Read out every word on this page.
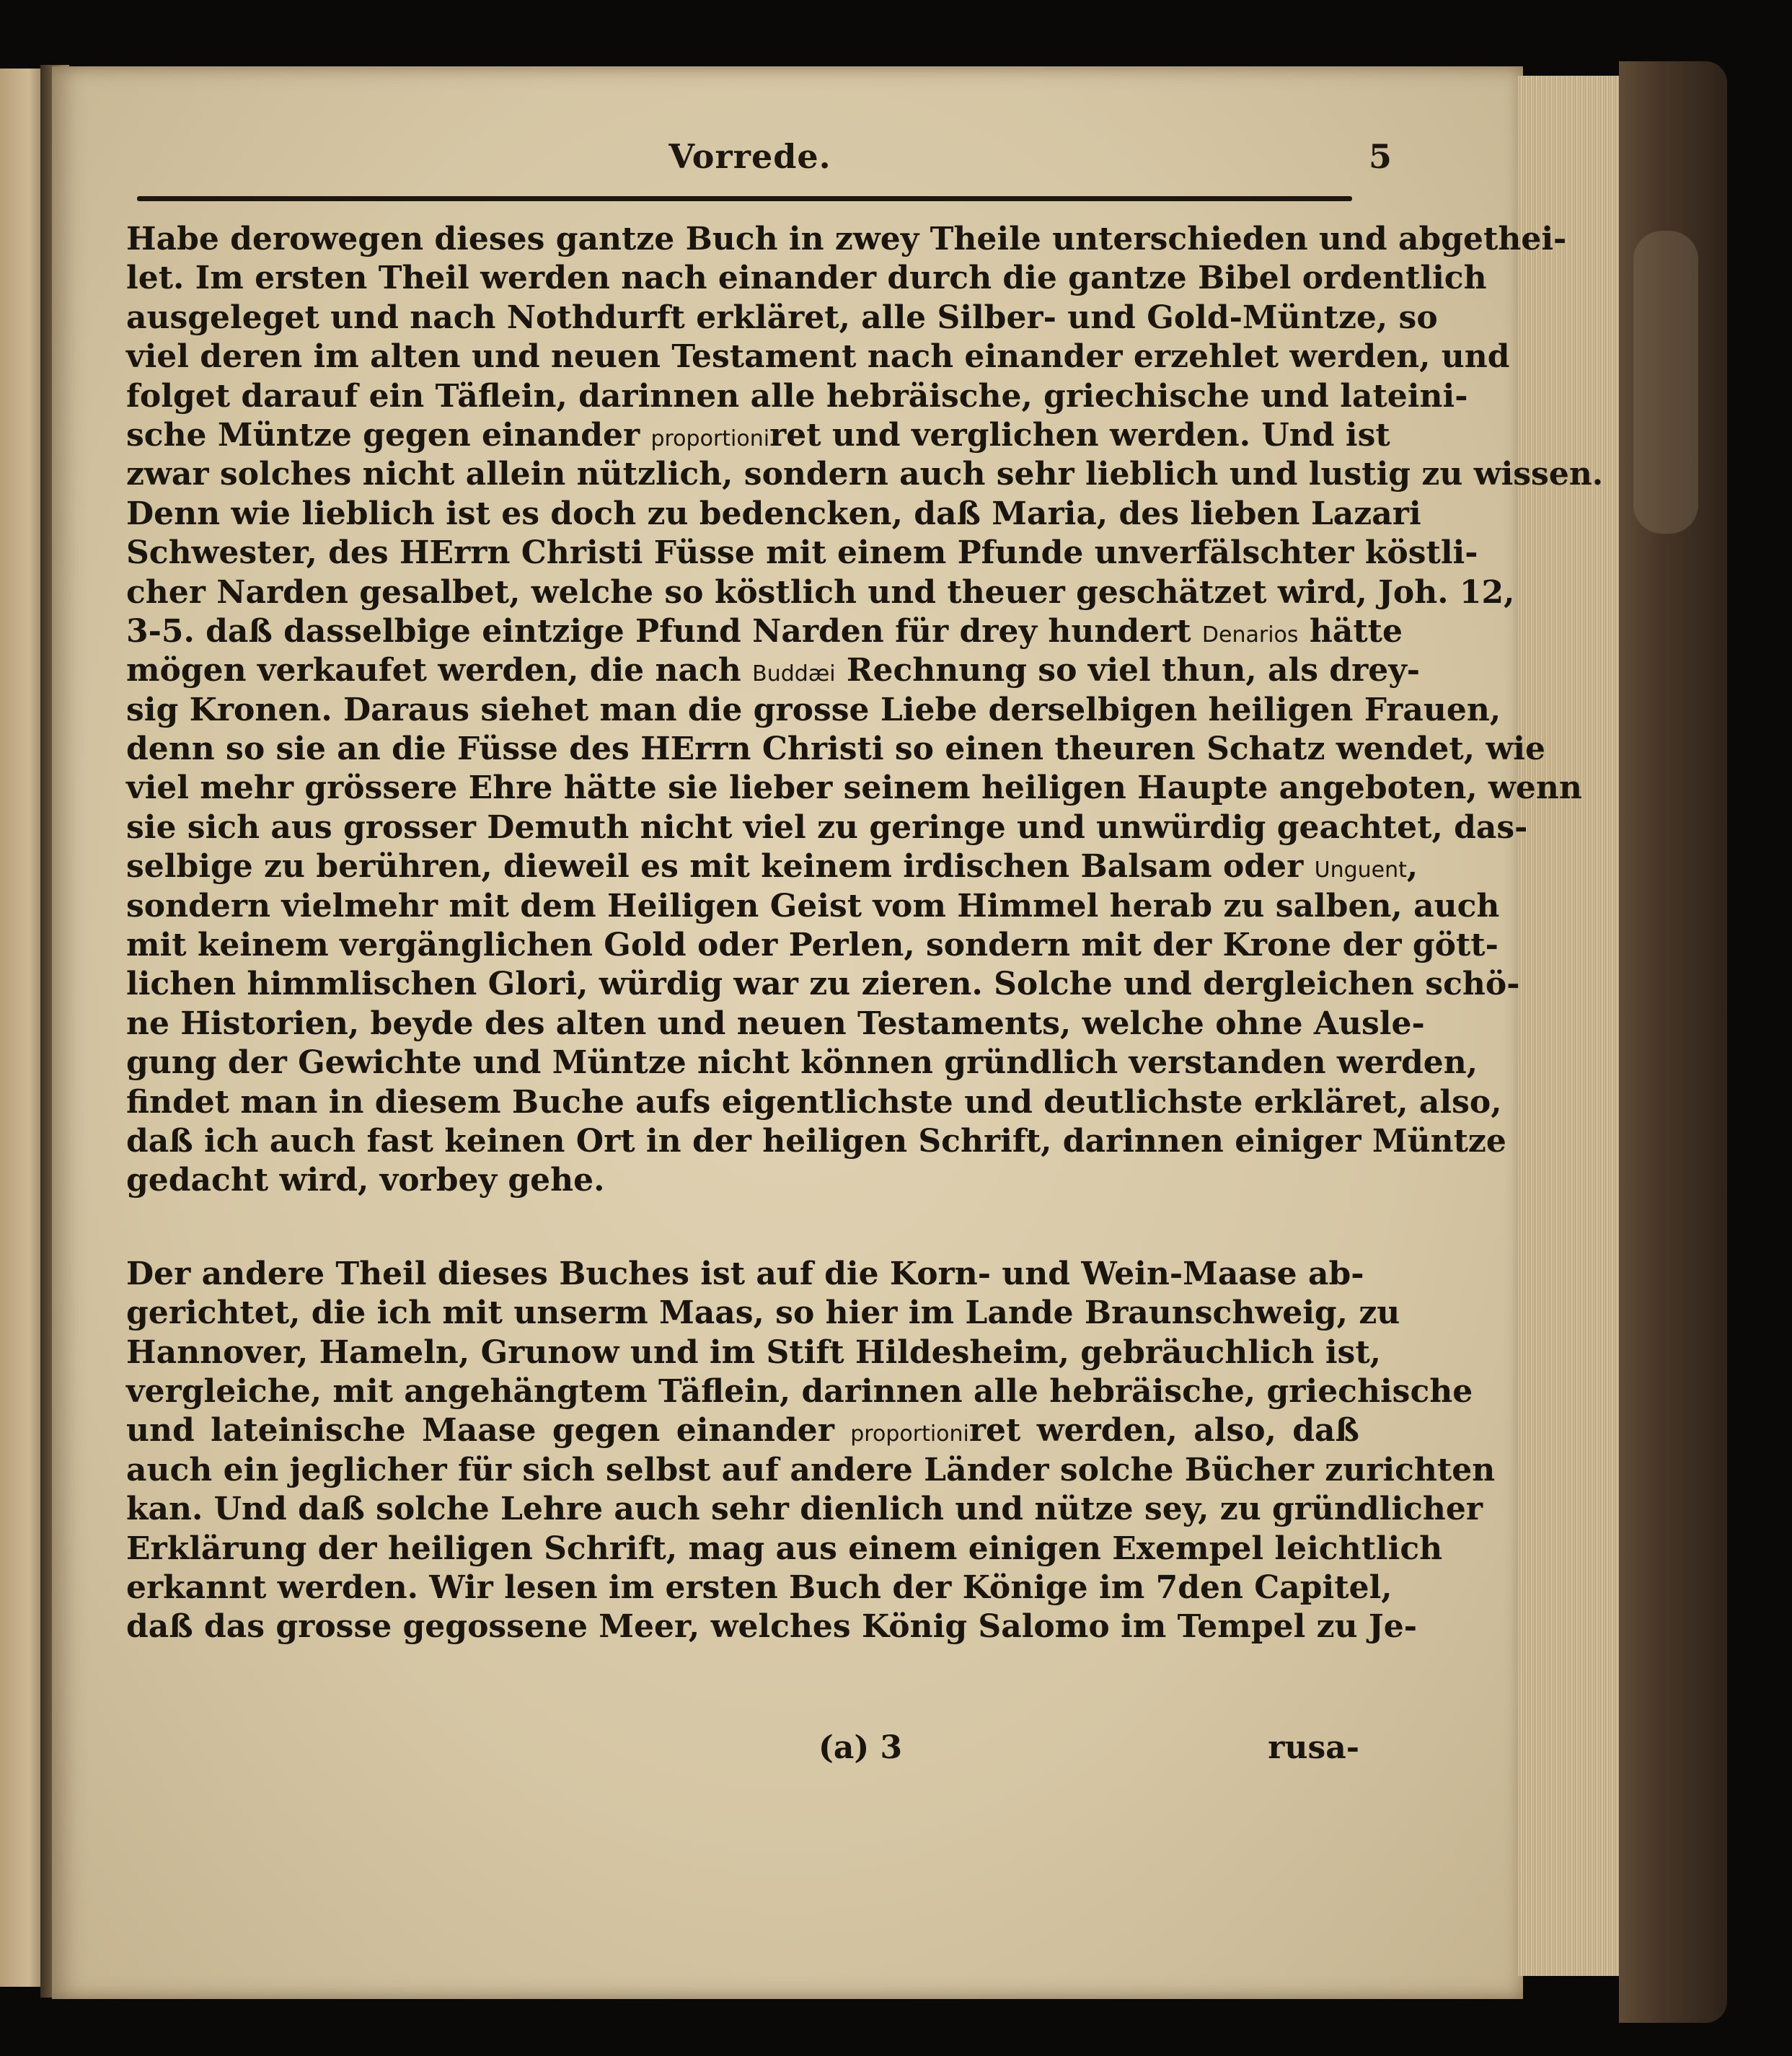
Vorrede.	5
Habe derowegen dieses gantze Buch in zwey Theile unterschieden und abgethei-
let. Im ersten Theil werden nach einander durch die gantze Bibel ordentlich
ausgeleget und nach Nothdurft erkläret, alle Silber- und Gold-Müntze, so
viel deren im alten und neuen Testament nach einander erzehlet werden, und
folget darauf ein Täflein, darinnen alle hebräische, griechische und lateini-
sche Müntze gegen einander proportioniret und verglichen werden. Und ist
zwar solches nicht allein nützlich, sondern auch sehr lieblich und lustig zu wissen.
Denn wie lieblich ist es doch zu bedencken, daß Maria, des lieben Lazari
Schwester, des HErrn Christi Füsse mit einem Pfunde unverfälschter köstli-
cher Narden gesalbet, welche so köstlich und theuer geschätzet wird, Joh. 12,
3-5. daß dasselbige eintzige Pfund Narden für drey hundert Denarios hätte
mögen verkaufet werden, die nach Buddæi Rechnung so viel thun, als drey-
sig Kronen. Daraus siehet man die grosse Liebe derselbigen heiligen Frauen,
denn so sie an die Füsse des HErrn Christi so einen theuren Schatz wendet, wie
viel mehr grössere Ehre hätte sie lieber seinem heiligen Haupte angeboten, wenn
sie sich aus grosser Demuth nicht viel zu geringe und unwürdig geachtet, das-
selbige zu berühren, dieweil es mit keinem irdischen Balsam oder Unguent,
sondern vielmehr mit dem Heiligen Geist vom Himmel herab zu salben, auch
mit keinem vergänglichen Gold oder Perlen, sondern mit der Krone der gött-
lichen himmlischen Glori, würdig war zu zieren. Solche und dergleichen schö-
ne Historien, beyde des alten und neuen Testaments, welche ohne Ausle-
gung der Gewichte und Müntze nicht können gründlich verstanden werden,
findet man in diesem Buche aufs eigentlichste und deutlichste erkläret, also,
daß ich auch fast keinen Ort in der heiligen Schrift, darinnen einiger Müntze
gedacht wird, vorbey gehe.
Der andere Theil dieses Buches ist auf die Korn- und Wein-Maase ab-
gerichtet, die ich mit unserm Maas, so hier im Lande Braunschweig, zu
Hannover, Hameln, Grunow und im Stift Hildesheim, gebräuchlich ist,
vergleiche, mit angehängtem Täflein, darinnen alle hebräische, griechische
und lateinische Maase gegen einander proportioniret werden, also, daß
auch ein jeglicher für sich selbst auf andere Länder solche Bücher zurichten
kan. Und daß solche Lehre auch sehr dienlich und nütze sey, zu gründlicher
Erklärung der heiligen Schrift, mag aus einem einigen Exempel leichtlich
erkannt werden. Wir lesen im ersten Buch der Könige im 7den Capitel,
daß das grosse gegossene Meer, welches König Salomo im Tempel zu Je-
(a) 3	rusa-
